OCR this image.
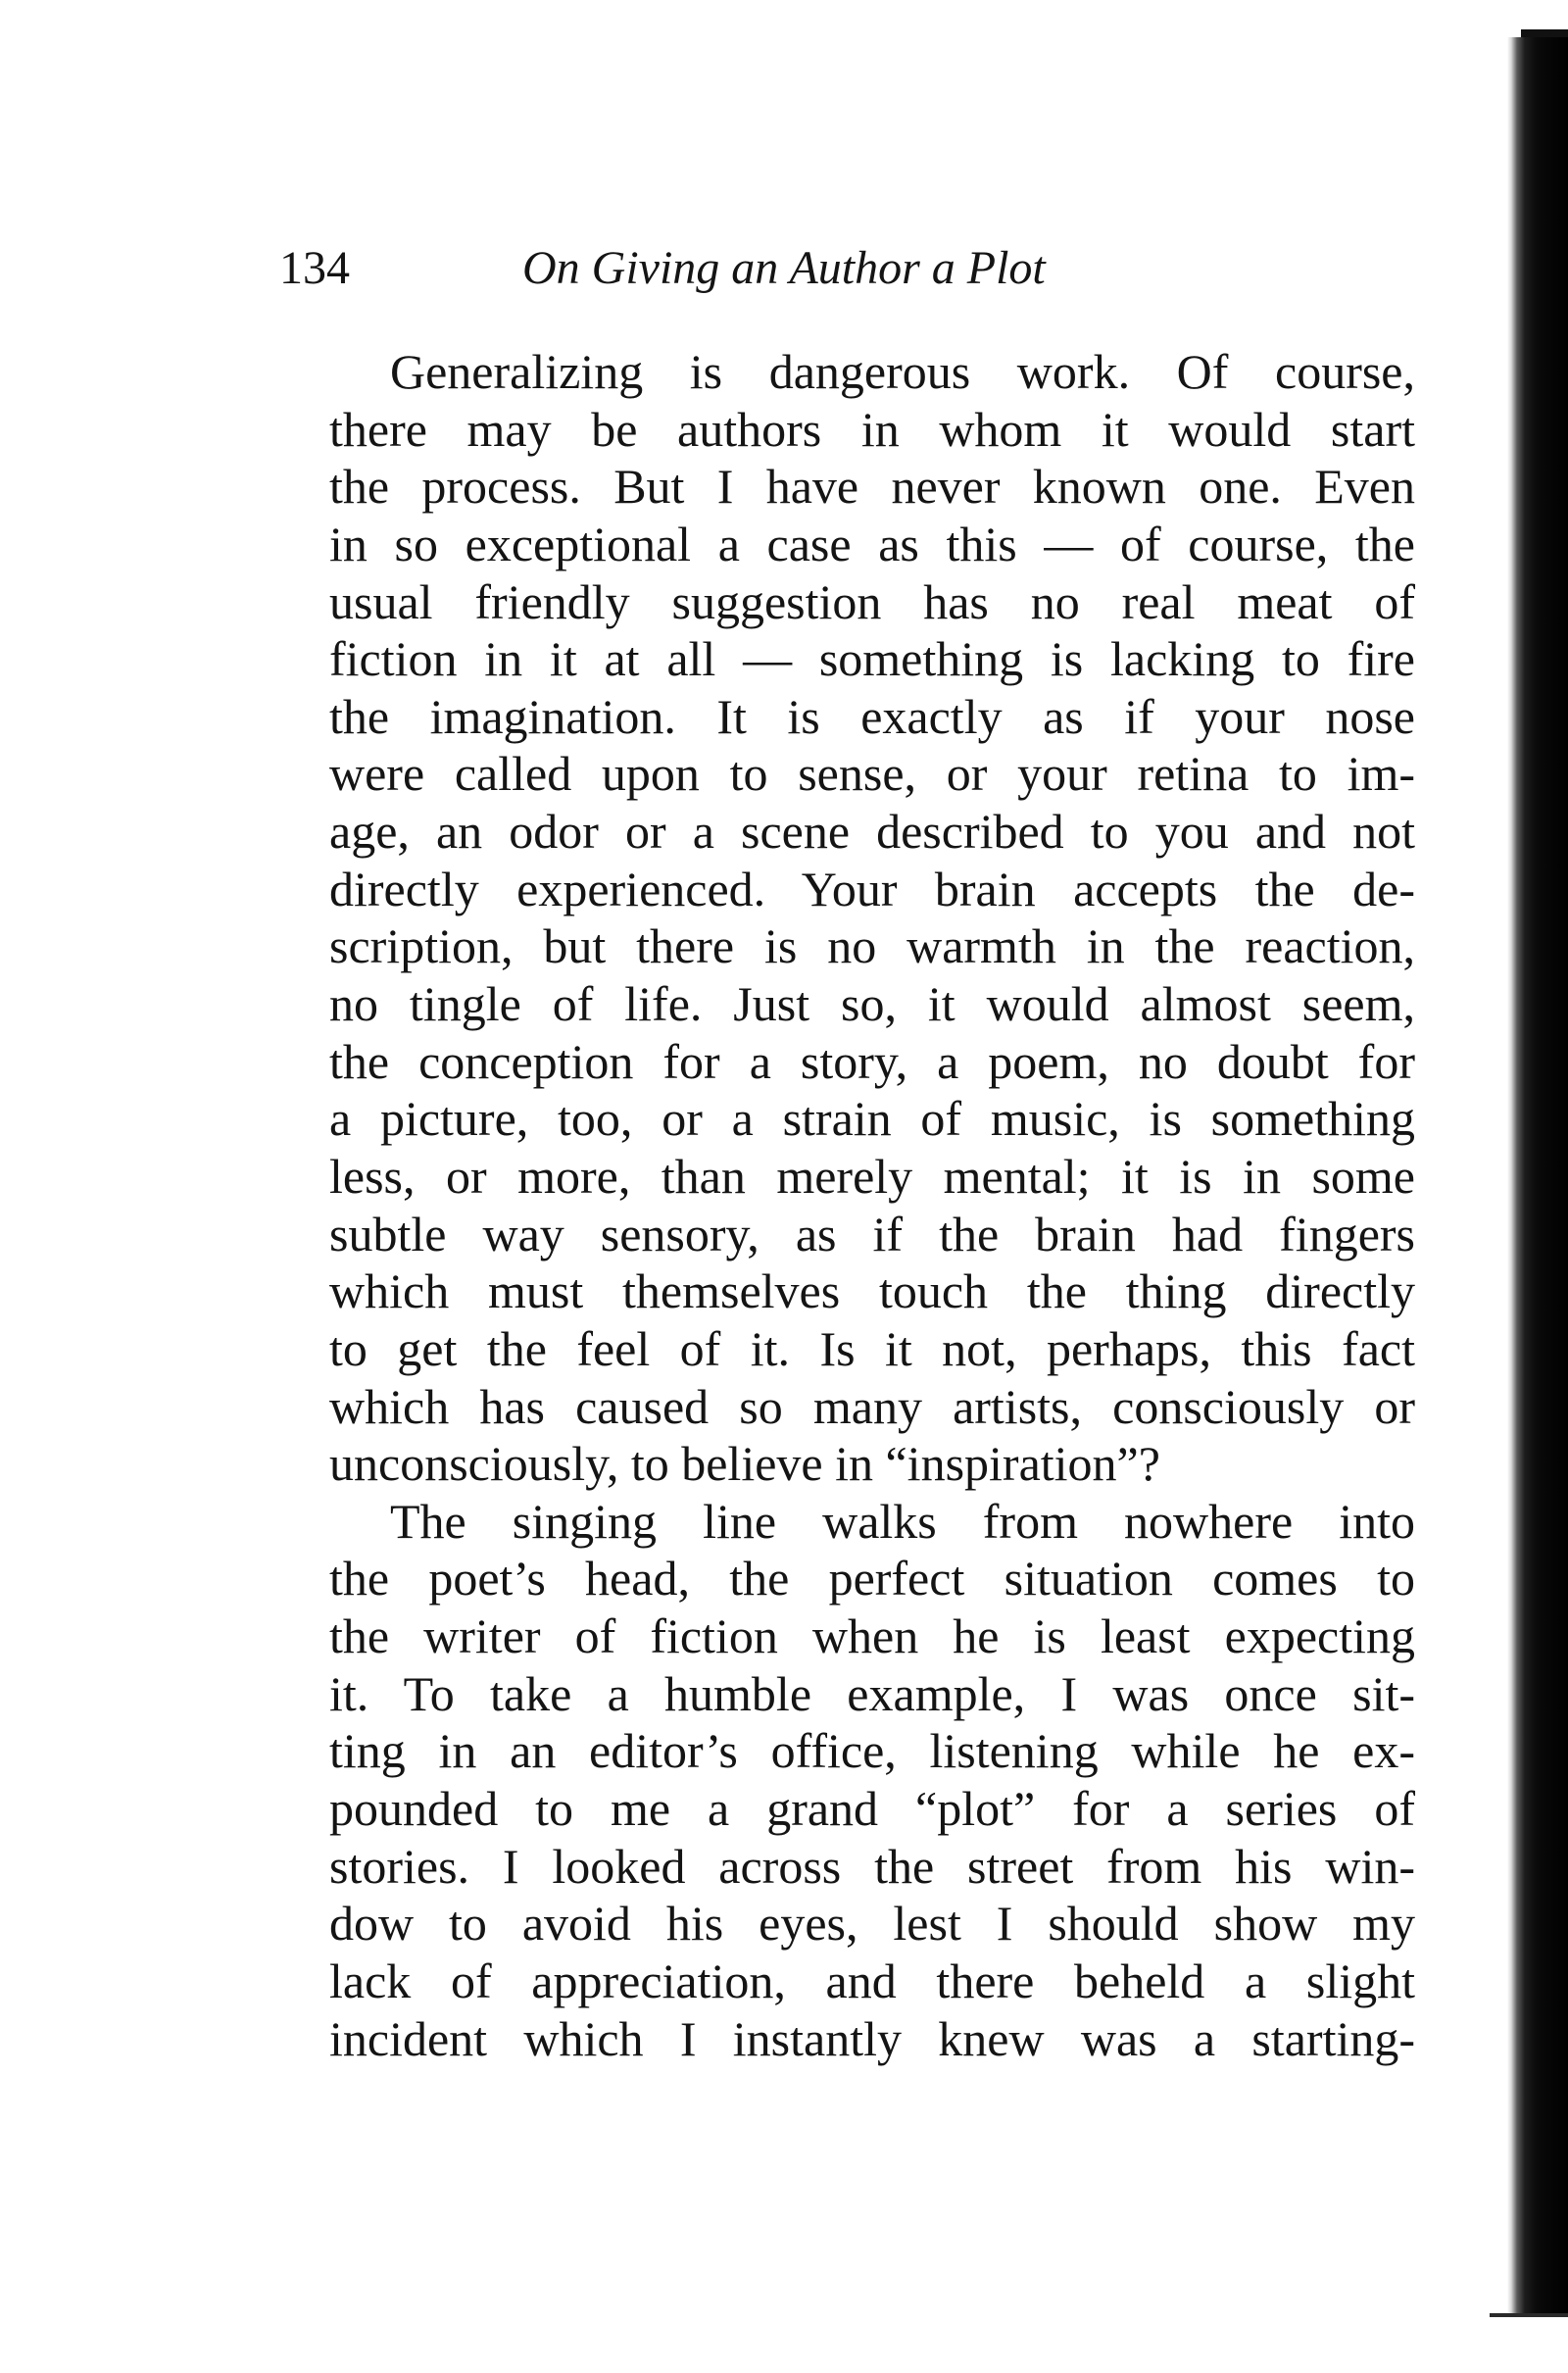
134	On Giving an Author a Plot
Generalizing is dangerous work. Of course,
there may be authors in whom it would start
the process. But I have never known one. Even
in so exceptional a case as this — of course, the
usual friendly suggestion has no real meat of
fiction in it at all — something is lacking to fire
the imagination. It is exactly as if your nose
were called upon to sense, or your retina to im-
age, an odor or a scene described to you and not
directly experienced. Your brain accepts the de-
scription, but there is no warmth in the reaction,
no tingle of life. Just so, it would almost seem,
the conception for a story, a poem, no doubt for
a picture, too, or a strain of music, is something
less, or more, than merely mental; it is in some
subtle way sensory, as if the brain had fingers
which must themselves touch the thing directly
to get the feel of it. Is it not, perhaps, this fact
which has caused so many artists, consciously or
unconsciously, to believe in “inspiration”?
The singing line walks from nowhere into
the poet’s head, the perfect situation comes to
the writer of fiction when he is least expecting
it. To take a humble example, I was once sit-
ting in an editor’s office, listening while he ex-
pounded to me a grand “plot” for a series of
stories. I looked across the street from his win-
dow to avoid his eyes, lest I should show my
lack of appreciation, and there beheld a slight
incident which I instantly knew was a starting-
